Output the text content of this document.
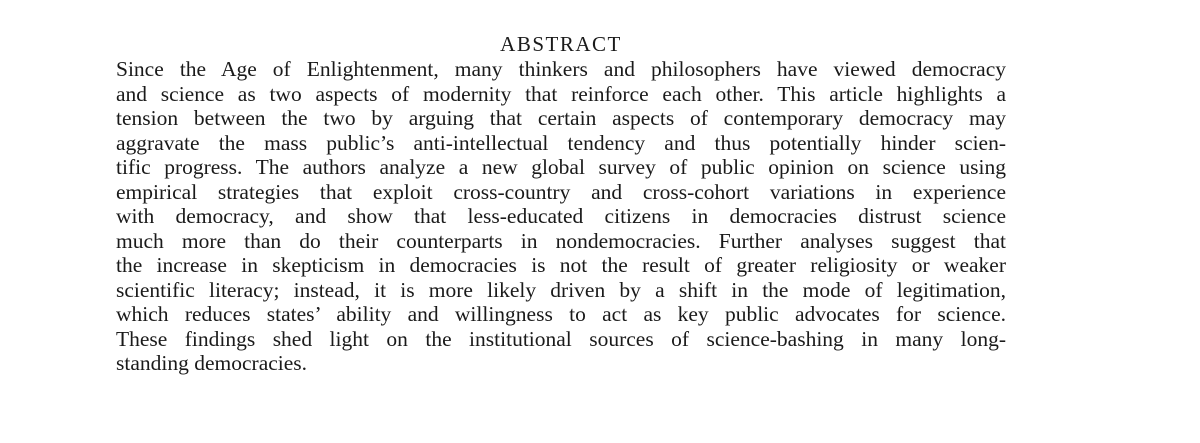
ABSTRACT
Since the Age of Enlightenment, many thinkers and philosophers have viewed democracy
and science as two aspects of modernity that reinforce each other. This article highlights a
tension between the two by arguing that certain aspects of contemporary democracy may
aggravate the mass public’s anti-intellectual tendency and thus potentially hinder scien-
tific progress. The authors analyze a new global survey of public opinion on science using
empirical strategies that exploit cross-country and cross-cohort variations in experience
with democracy, and show that less-educated citizens in democracies distrust science
much more than do their counterparts in nondemocracies. Further analyses suggest that
the increase in skepticism in democracies is not the result of greater religiosity or weaker
scientific literacy; instead, it is more likely driven by a shift in the mode of legitimation,
which reduces states’ ability and willingness to act as key public advocates for science.
These findings shed light on the institutional sources of science-bashing in many long-
standing democracies.
